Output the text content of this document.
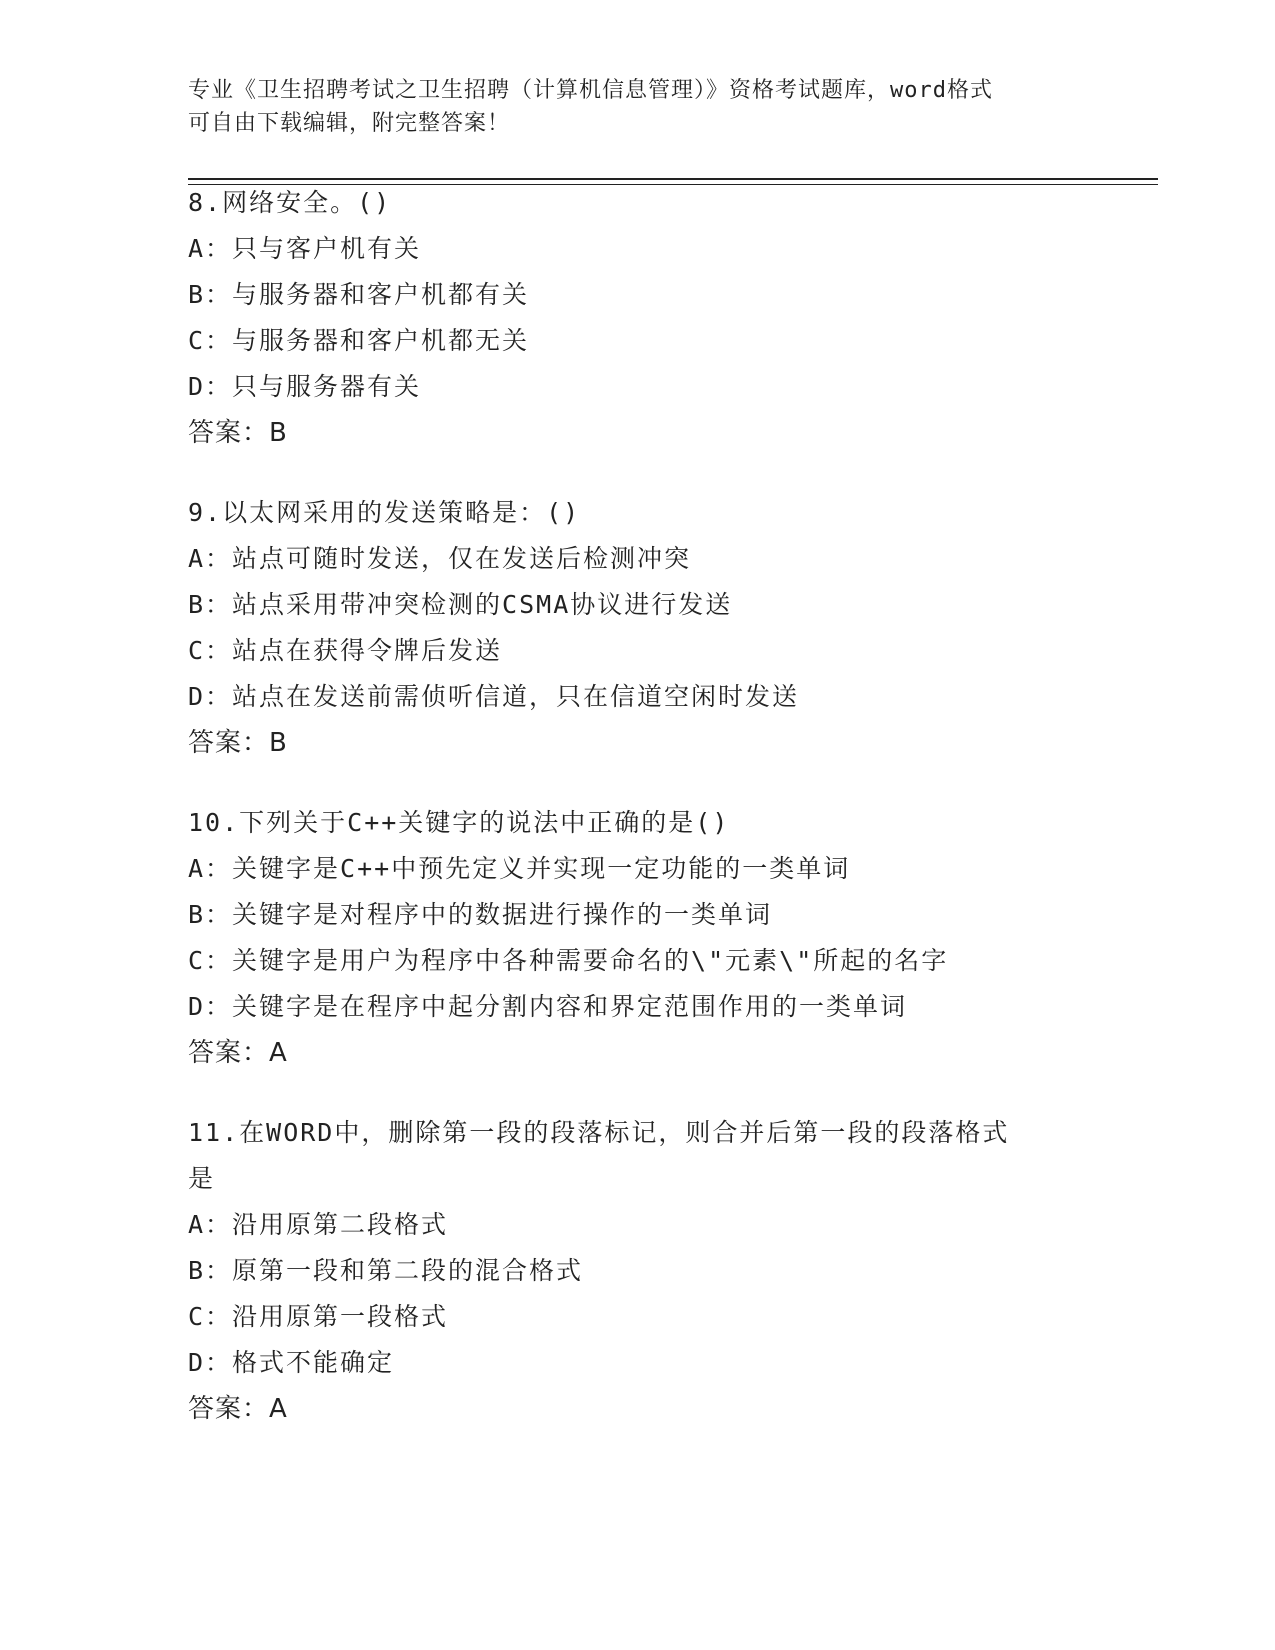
专业《卫生招聘考试之卫生招聘（计算机信息管理）》资格考试题库，word格式
可自由下载编辑，附完整答案！
8.网络安全。()
A：只与客户机有关
B：与服务器和客户机都有关
C：与服务器和客户机都无关
D：只与服务器有关
答案：B
9.以太网采用的发送策略是：()
A：站点可随时发送，仅在发送后检测冲突
B：站点采用带冲突检测的CSMA协议进行发送
C：站点在获得令牌后发送
D：站点在发送前需侦听信道，只在信道空闲时发送
答案：B
10.下列关于C++关键字的说法中正确的是()
A：关键字是C++中预先定义并实现一定功能的一类单词
B：关键字是对程序中的数据进行操作的一类单词
C：关键字是用户为程序中各种需要命名的\"元素\"所起的名字
D：关键字是在程序中起分割内容和界定范围作用的一类单词
答案：A
11.在WORD中，删除第一段的段落标记，则合并后第一段的段落格式
是
A：沿用原第二段格式
B：原第一段和第二段的混合格式
C：沿用原第一段格式
D：格式不能确定
答案：A
